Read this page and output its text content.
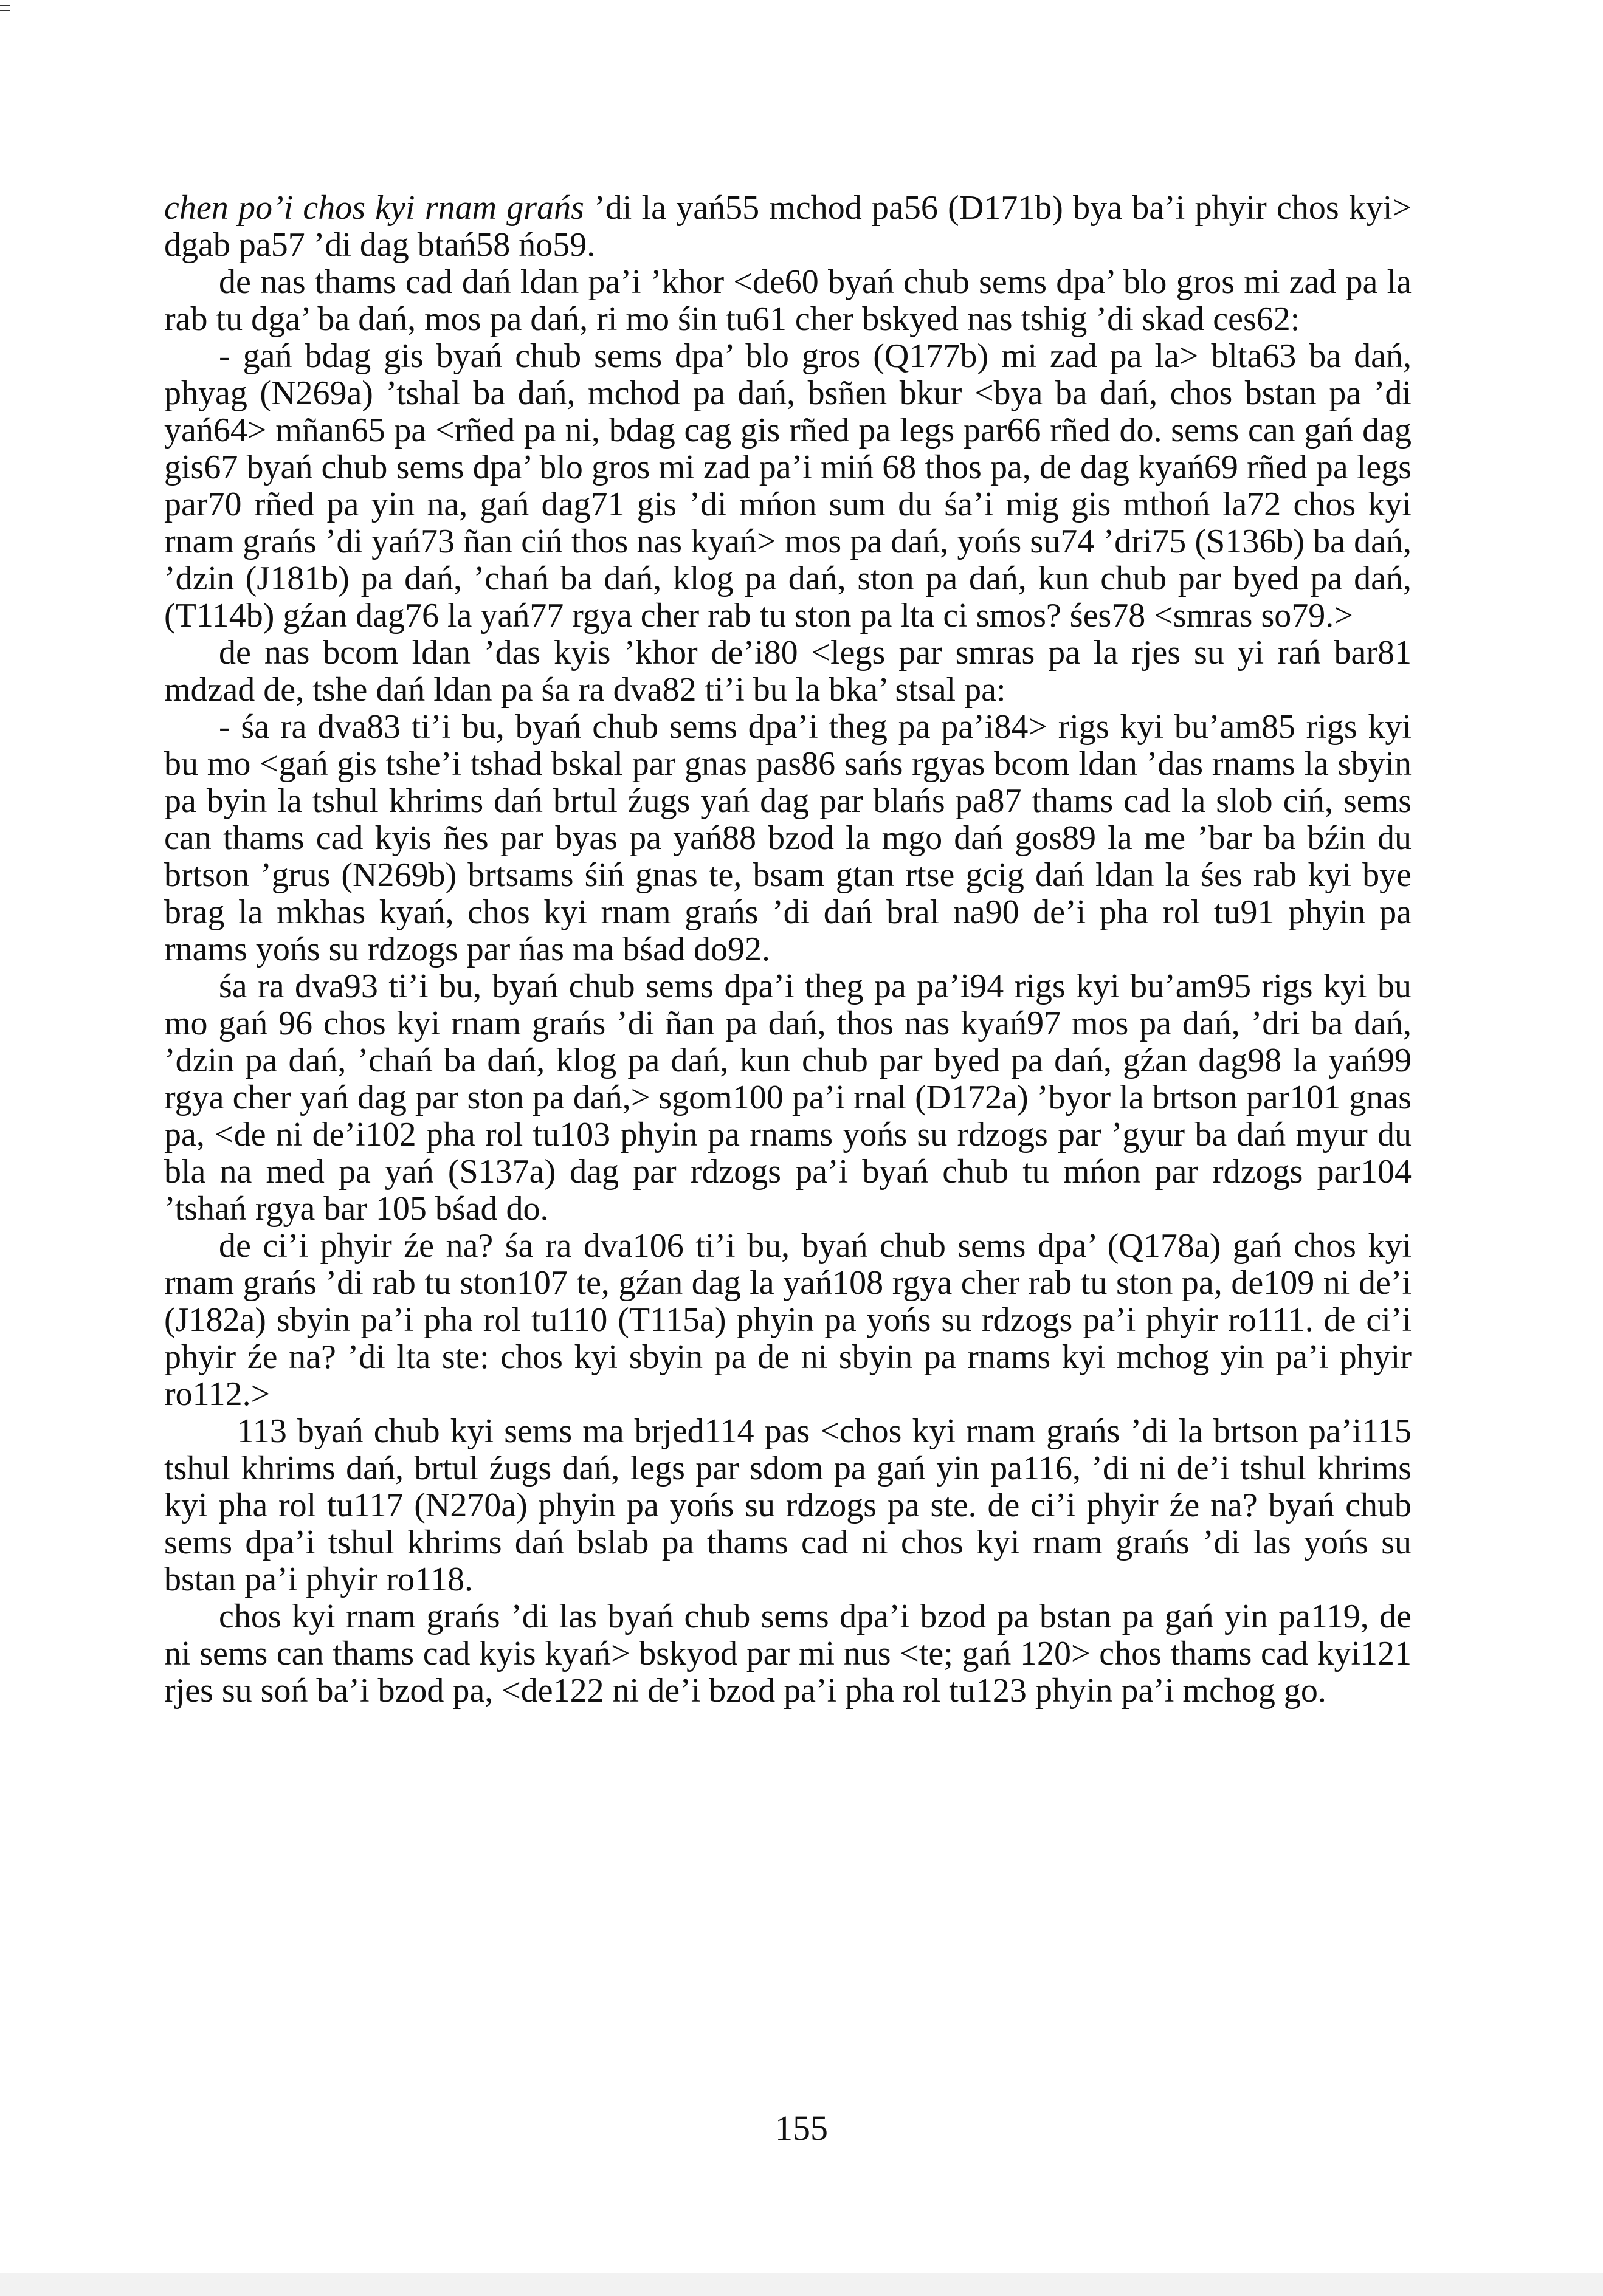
chen po’i chos kyi rnam grańs ’di la yań55 mchod pa56 (D171b) bya ba’i phyir chos kyi> dgab pa57 ’di dag btań58 ńo59.

de nas thams cad dań ldan pa’i ’khor <de60 byań chub sems dpa’ blo gros mi zad pa la rab tu dga’ ba dań, mos pa dań, ri mo śin tu61 cher bskyed nas tshig ’di skad ces62:

- gań bdag gis byań chub sems dpa’ blo gros (Q177b) mi zad pa la> blta63 ba dań, phyag (N269a) ’tshal ba dań, mchod pa dań, bsñen bkur <bya ba dań, chos bstan pa ’di yań64> mñan65 pa <rñed pa ni, bdag cag gis rñed pa legs par66 rñed do. sems can gań dag gis67 byań chub sems dpa’ blo gros mi zad pa’i miń 68 thos pa, de dag kyań69 rñed pa legs par70 rñed pa yin na, gań dag71 gis ’di mńon sum du śa’i mig gis mthoń la72 chos kyi rnam grańs ’di yań73 ñan ciń thos nas kyań> mos pa dań, yońs su74 ’dri75 (S136b) ba dań, ’dzin (J181b) pa dań, ’chań ba dań, klog pa dań, ston pa dań, kun chub par byed pa dań, (T114b) gźan dag76 la yań77 rgya cher rab tu ston pa lta ci smos? śes78 <smras so79.>

de nas bcom ldan ’das kyis ’khor de’i80 <legs par smras pa la rjes su yi rań bar81 mdzad de, tshe dań ldan pa śa ra dva82 ti’i bu la bka’ stsal pa:

- śa ra dva83 ti’i bu, byań chub sems dpa’i theg pa pa’i84> rigs kyi bu’am85 rigs kyi bu mo <gań gis tshe’i tshad bskal par gnas pas86 sańs rgyas bcom ldan ’das rnams la sbyin pa byin la tshul khrims dań brtul źugs yań dag par blańs pa87 thams cad la slob ciń, sems can thams cad kyis ñes par byas pa yań88 bzod la mgo dań gos89 la me ’bar ba bźin du brtson ’grus (N269b) brtsams śiń gnas te, bsam gtan rtse gcig dań ldan la śes rab kyi bye brag la mkhas kyań, chos kyi rnam grańs ’di dań bral na90 de’i pha rol tu91 phyin pa rnams yońs su rdzogs par ńas ma bśad do92.

śa ra dva93 ti’i bu, byań chub sems dpa’i theg pa pa’i94 rigs kyi bu’am95 rigs kyi bu mo gań 96 chos kyi rnam grańs ’di ñan pa dań, thos nas kyań97 mos pa dań, ’dri ba dań, ’dzin pa dań, ’chań ba dań, klog pa dań, kun chub par byed pa dań, gźan dag98 la yań99 rgya cher yań dag par ston pa dań,> sgom100 pa’i rnal (D172a) ’byor la brtson par101 gnas pa, <de ni de’i102 pha rol tu103 phyin pa rnams yońs su rdzogs par ’gyur ba dań myur du bla na med pa yań (S137a) dag par rdzogs pa’i byań chub tu mńon par rdzogs par104 ’tshań rgya bar 105 bśad do.

de ci’i phyir źe na? śa ra dva106 ti’i bu, byań chub sems dpa’ (Q178a) gań chos kyi rnam grańs ’di rab tu ston107 te, gźan dag la yań108 rgya cher rab tu ston pa, de109 ni de’i (J182a) sbyin pa’i pha rol tu110 (T115a) phyin pa yońs su rdzogs pa’i phyir ro111. de ci’i phyir źe na? ’di lta ste: chos kyi sbyin pa de ni sbyin pa rnams kyi mchog yin pa’i phyir ro112.>

113 byań chub kyi sems ma brjed114 pas <chos kyi rnam grańs ’di la brtson pa’i115 tshul khrims dań, brtul źugs dań, legs par sdom pa gań yin pa116, ’di ni de’i tshul khrims kyi pha rol tu117 (N270a) phyin pa yońs su rdzogs pa ste. de ci’i phyir źe na? byań chub sems dpa’i tshul khrims dań bslab pa thams cad ni chos kyi rnam grańs ’di las yońs su bstan pa’i phyir ro118.

chos kyi rnam grańs ’di las byań chub sems dpa’i bzod pa bstan pa gań yin pa119, de ni sems can thams cad kyis kyań> bskyod par mi nus <te; gań 120> chos thams cad kyi121 rjes su soń ba’i bzod pa, <de122 ni de’i bzod pa’i pha rol tu123 phyin pa’i mchog go.

155
